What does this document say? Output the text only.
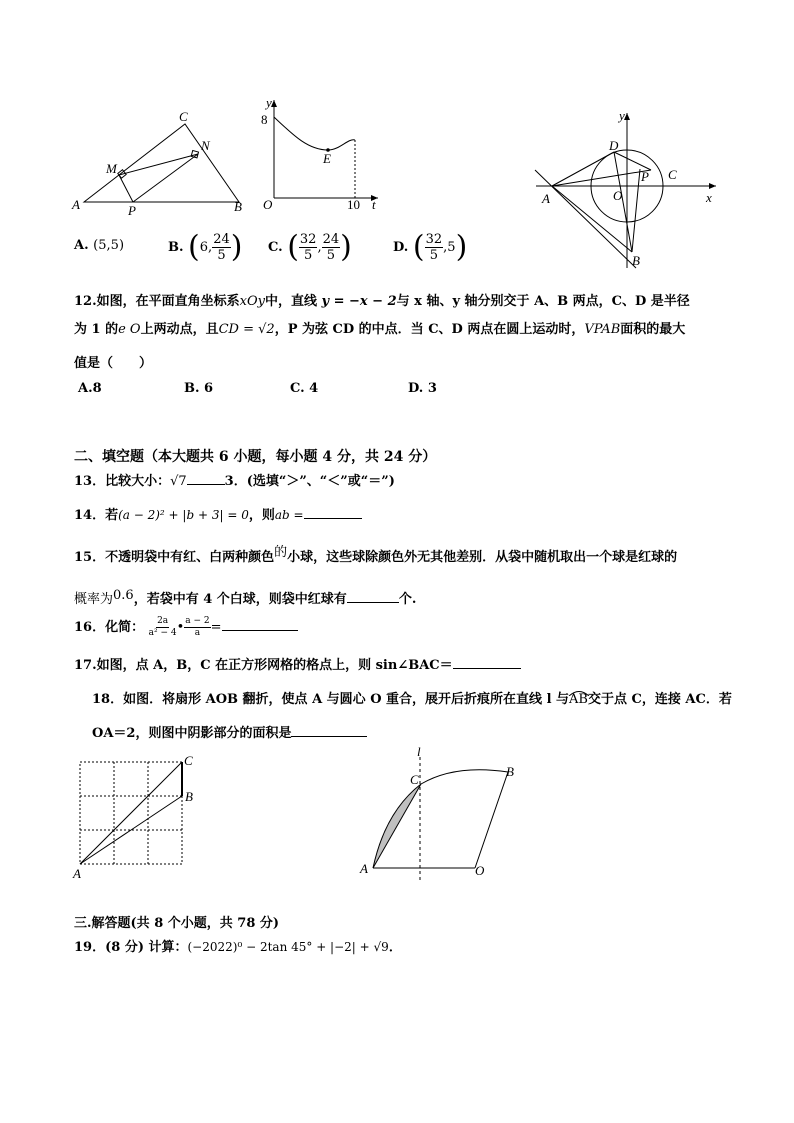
A	B
C
M
N
P
y
t
O
E
8
10
y
x
A
B
C
D
O
P
A. (5,5)	B. (6, $\frac{24}{5}$ ) C. ( $\frac{32}{5}$ , $\frac{24}{5}$ )	D. ( $\frac{32}{5} ,5$)
12.如图，在平面直角坐标系xOy中，直线 y = −x − 2与 x 轴、y 轴分别交于 A、B 两点，C、D 是半径
为 1 的e O上两动点，且CD = √2，P 为弦 CD 的中点．当 C、D 两点在圆上运动时，VPAB面积的最大
值是（　　）
A.8	B. 6	C. 4	D. 3
二、填空题（本大题共 6 小题，每小题 4 分，共 24 分）
13．比较大小：√7	3．(选填“＞”、“＜”或“＝”)
14．若(a − 2)² + |b + 3| = 0，则ab =
15．不透明袋中有红、白两种颜色的小球，这些球除颜色外无其他差别．从袋中随机取出一个球是红球的
概率为0.6，若袋中有 4 个白球，则袋中红球有	个.
16．化简： $\frac{2a}{\text{a² − 4}}$ • $\frac{a - 2}{a}$ =
17.如图，点 A，B，C 在正方形网格的格点上，则 sin∠BAC＝
18．如图．将扇形 AOB 翻折，使点 A 与圆心 O 重合，展开后折痕所在直线 l 与
AB交于点 C，连接 AC．若
OA＝2，则图中阴影部分的面积是
A
B
C
A	O
B
C
l
三.解答题(共 8 个小题，共 78 分)
19．(8 分) 计算：(−2022)⁰ − 2tan 45° + |−2| + √9．
